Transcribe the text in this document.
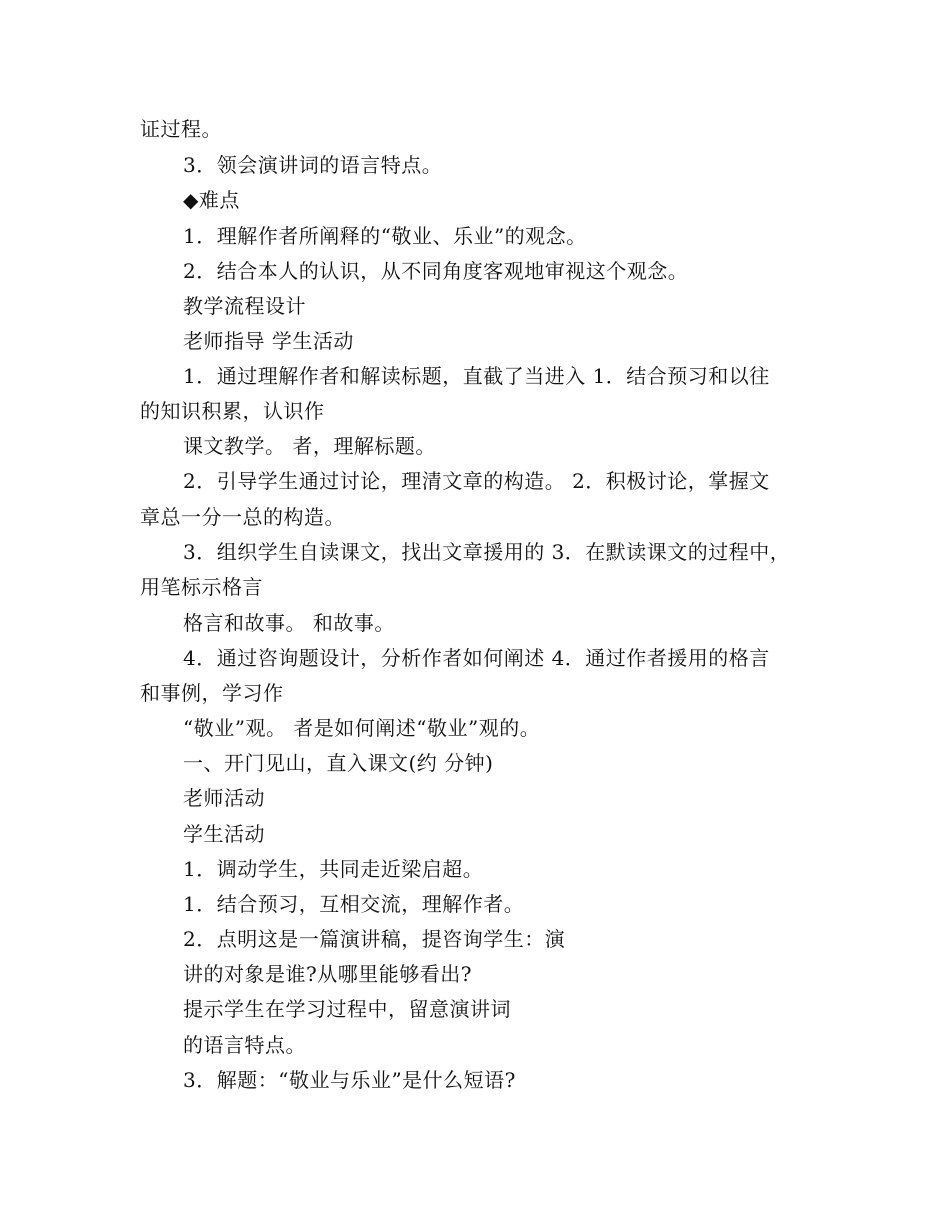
证过程。
3．领会演讲词的语言特点。
◆难点
1．理解作者所阐释的“敬业、乐业”的观念。
2．结合本人的认识，从不同角度客观地审视这个观念。
教学流程设计
老师指导 学生活动
1．通过理解作者和解读标题，直截了当进入 1．结合预习和以往
的知识积累，认识作
课文教学。 者，理解标题。
2．引导学生通过讨论，理清文章的构造。 2．积极讨论，掌握文
章总一分一总的构造。
3．组织学生自读课文，找出文章援用的 3．在默读课文的过程中，
用笔标示格言
格言和故事。 和故事。
4．通过咨询题设计，分析作者如何阐述 4．通过作者援用的格言
和事例，学习作
“敬业”观。 者是如何阐述“敬业”观的。
一、开门见山，直入课文(约 分钟)
老师活动
学生活动
1．调动学生，共同走近梁启超。
1．结合预习，互相交流，理解作者。
2．点明这是一篇演讲稿，提咨询学生：演
讲的对象是谁?从哪里能够看出?
提示学生在学习过程中，留意演讲词
的语言特点。
3．解题：“敬业与乐业”是什么短语?
